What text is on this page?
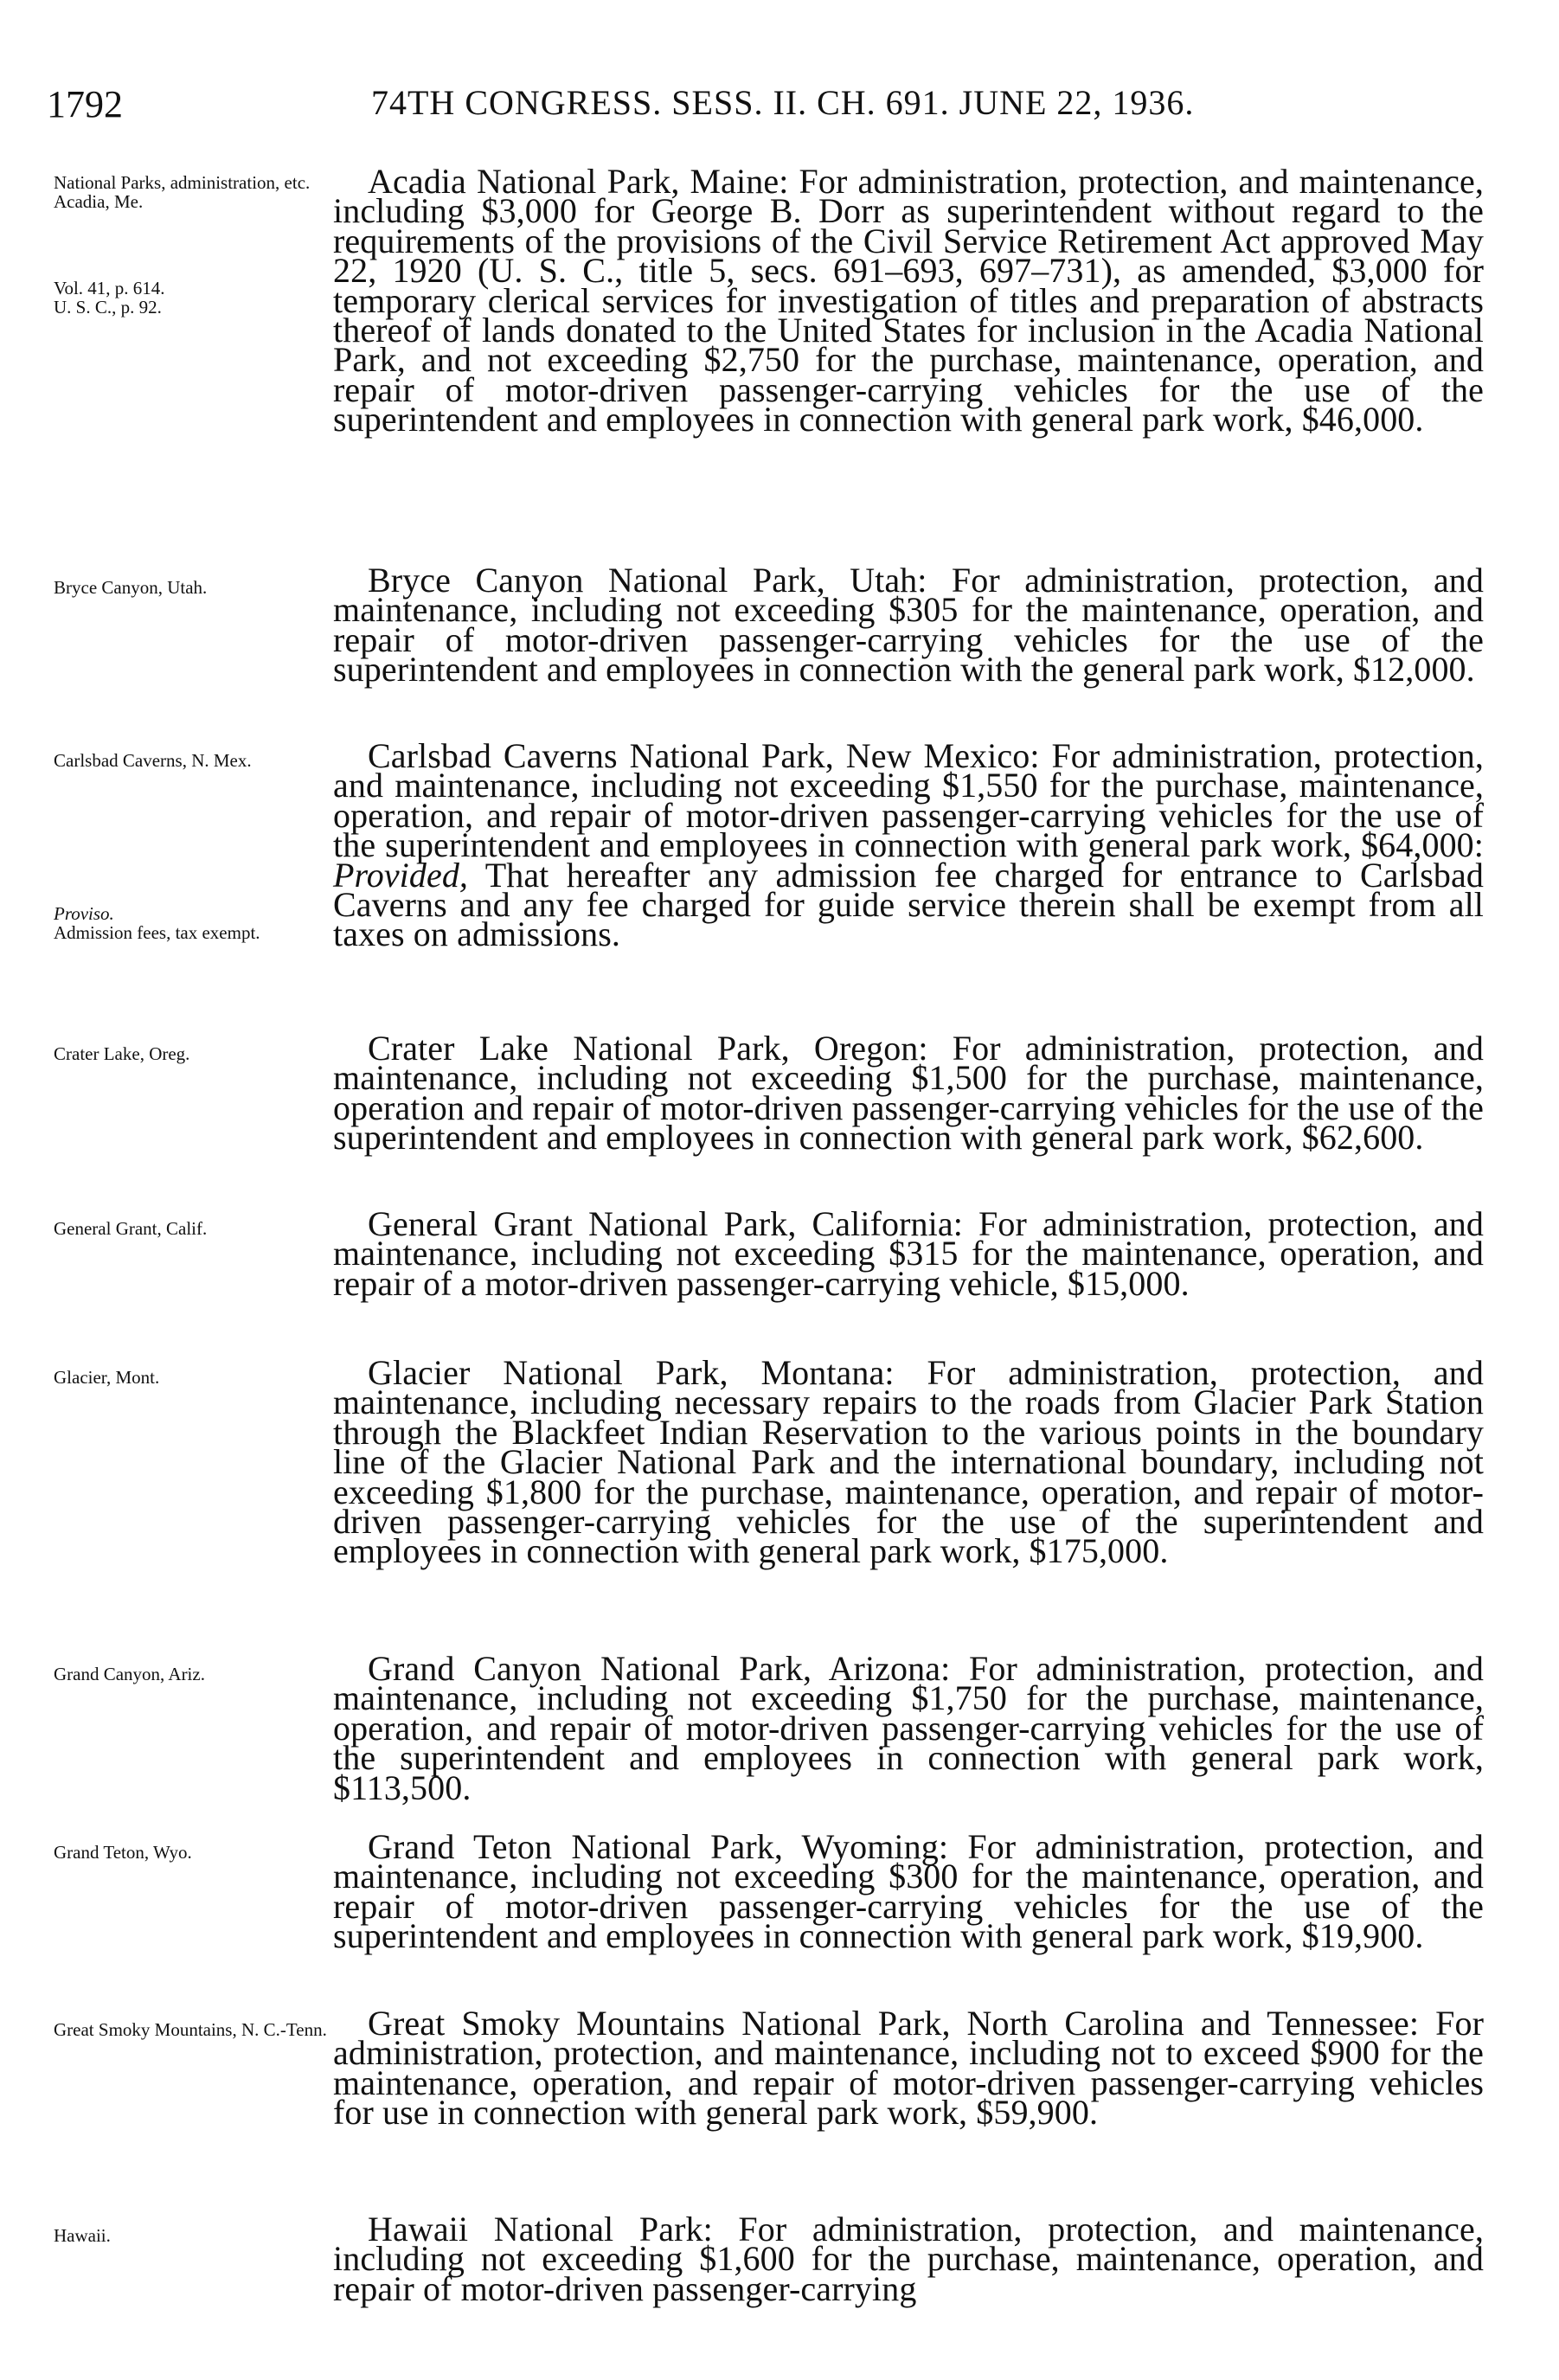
1792	74TH CONGRESS. SESS. II. CH. 691. JUNE 22, 1936.
National Parks, administration, etc.
Acadia, Me.
Vol. 41, p. 614.
U. S. C., p. 92.
Bryce Canyon, Utah.
Carlsbad Caverns, N. Mex.
Proviso.
Admission fees, tax exempt.
Crater Lake, Oreg.
General Grant, Calif.
Glacier, Mont.
Grand Canyon, Ariz.
Grand Teton, Wyo.
Great Smoky Mountains, N. C.-Tenn.
Hawaii.

Acadia National Park, Maine: For administration, protection, and maintenance, including $3,000 for George B. Dorr as superintendent without regard to the requirements of the provisions of the Civil Service Retirement Act approved May 22, 1920 (U. S. C., title 5, secs. 691–693, 697–731), as amended, $3,000 for temporary clerical services for investigation of titles and preparation of abstracts thereof of lands donated to the United States for inclusion in the Acadia National Park, and not exceeding $2,750 for the purchase, maintenance, operation, and repair of motor-driven passenger-carrying vehicles for the use of the superintendent and employees in connection with general park work, $46,000.

Bryce Canyon National Park, Utah: For administration, protection, and maintenance, including not exceeding $305 for the maintenance, operation, and repair of motor-driven passenger-carrying vehicles for the use of the superintendent and employees in connection with the general park work, $12,000.

Carlsbad Caverns National Park, New Mexico: For administration, protection, and maintenance, including not exceeding $1,550 for the purchase, maintenance, operation, and repair of motor-driven passenger-carrying vehicles for the use of the superintendent and employees in connection with general park work, $64,000: Provided, That hereafter any admission fee charged for entrance to Carlsbad Caverns and any fee charged for guide service therein shall be exempt from all taxes on admissions.

Crater Lake National Park, Oregon: For administration, protection, and maintenance, including not exceeding $1,500 for the purchase, maintenance, operation and repair of motor-driven passenger-carrying vehicles for the use of the superintendent and employees in connection with general park work, $62,600.

General Grant National Park, California: For administration, protection, and maintenance, including not exceeding $315 for the maintenance, operation, and repair of a motor-driven passenger-carrying vehicle, $15,000.

Glacier National Park, Montana: For administration, protection, and maintenance, including necessary repairs to the roads from Glacier Park Station through the Blackfeet Indian Reservation to the various points in the boundary line of the Glacier National Park and the international boundary, including not exceeding $1,800 for the purchase, maintenance, operation, and repair of motor-driven passenger-carrying vehicles for the use of the superintendent and employees in connection with general park work, $175,000.

Grand Canyon National Park, Arizona: For administration, protection, and maintenance, including not exceeding $1,750 for the purchase, maintenance, operation, and repair of motor-driven passenger-carrying vehicles for the use of the superintendent and employees in connection with general park work, $113,500.

Grand Teton National Park, Wyoming: For administration, protection, and maintenance, including not exceeding $300 for the maintenance, operation, and repair of motor-driven passenger-carrying vehicles for the use of the superintendent and employees in connection with general park work, $19,900.

Great Smoky Mountains National Park, North Carolina and Tennessee: For administration, protection, and maintenance, including not to exceed $900 for the maintenance, operation, and repair of motor-driven passenger-carrying vehicles for use in connection with general park work, $59,900.

Hawaii National Park: For administration, protection, and maintenance, including not exceeding $1,600 for the purchase, maintenance, operation, and repair of motor-driven passenger-carrying
